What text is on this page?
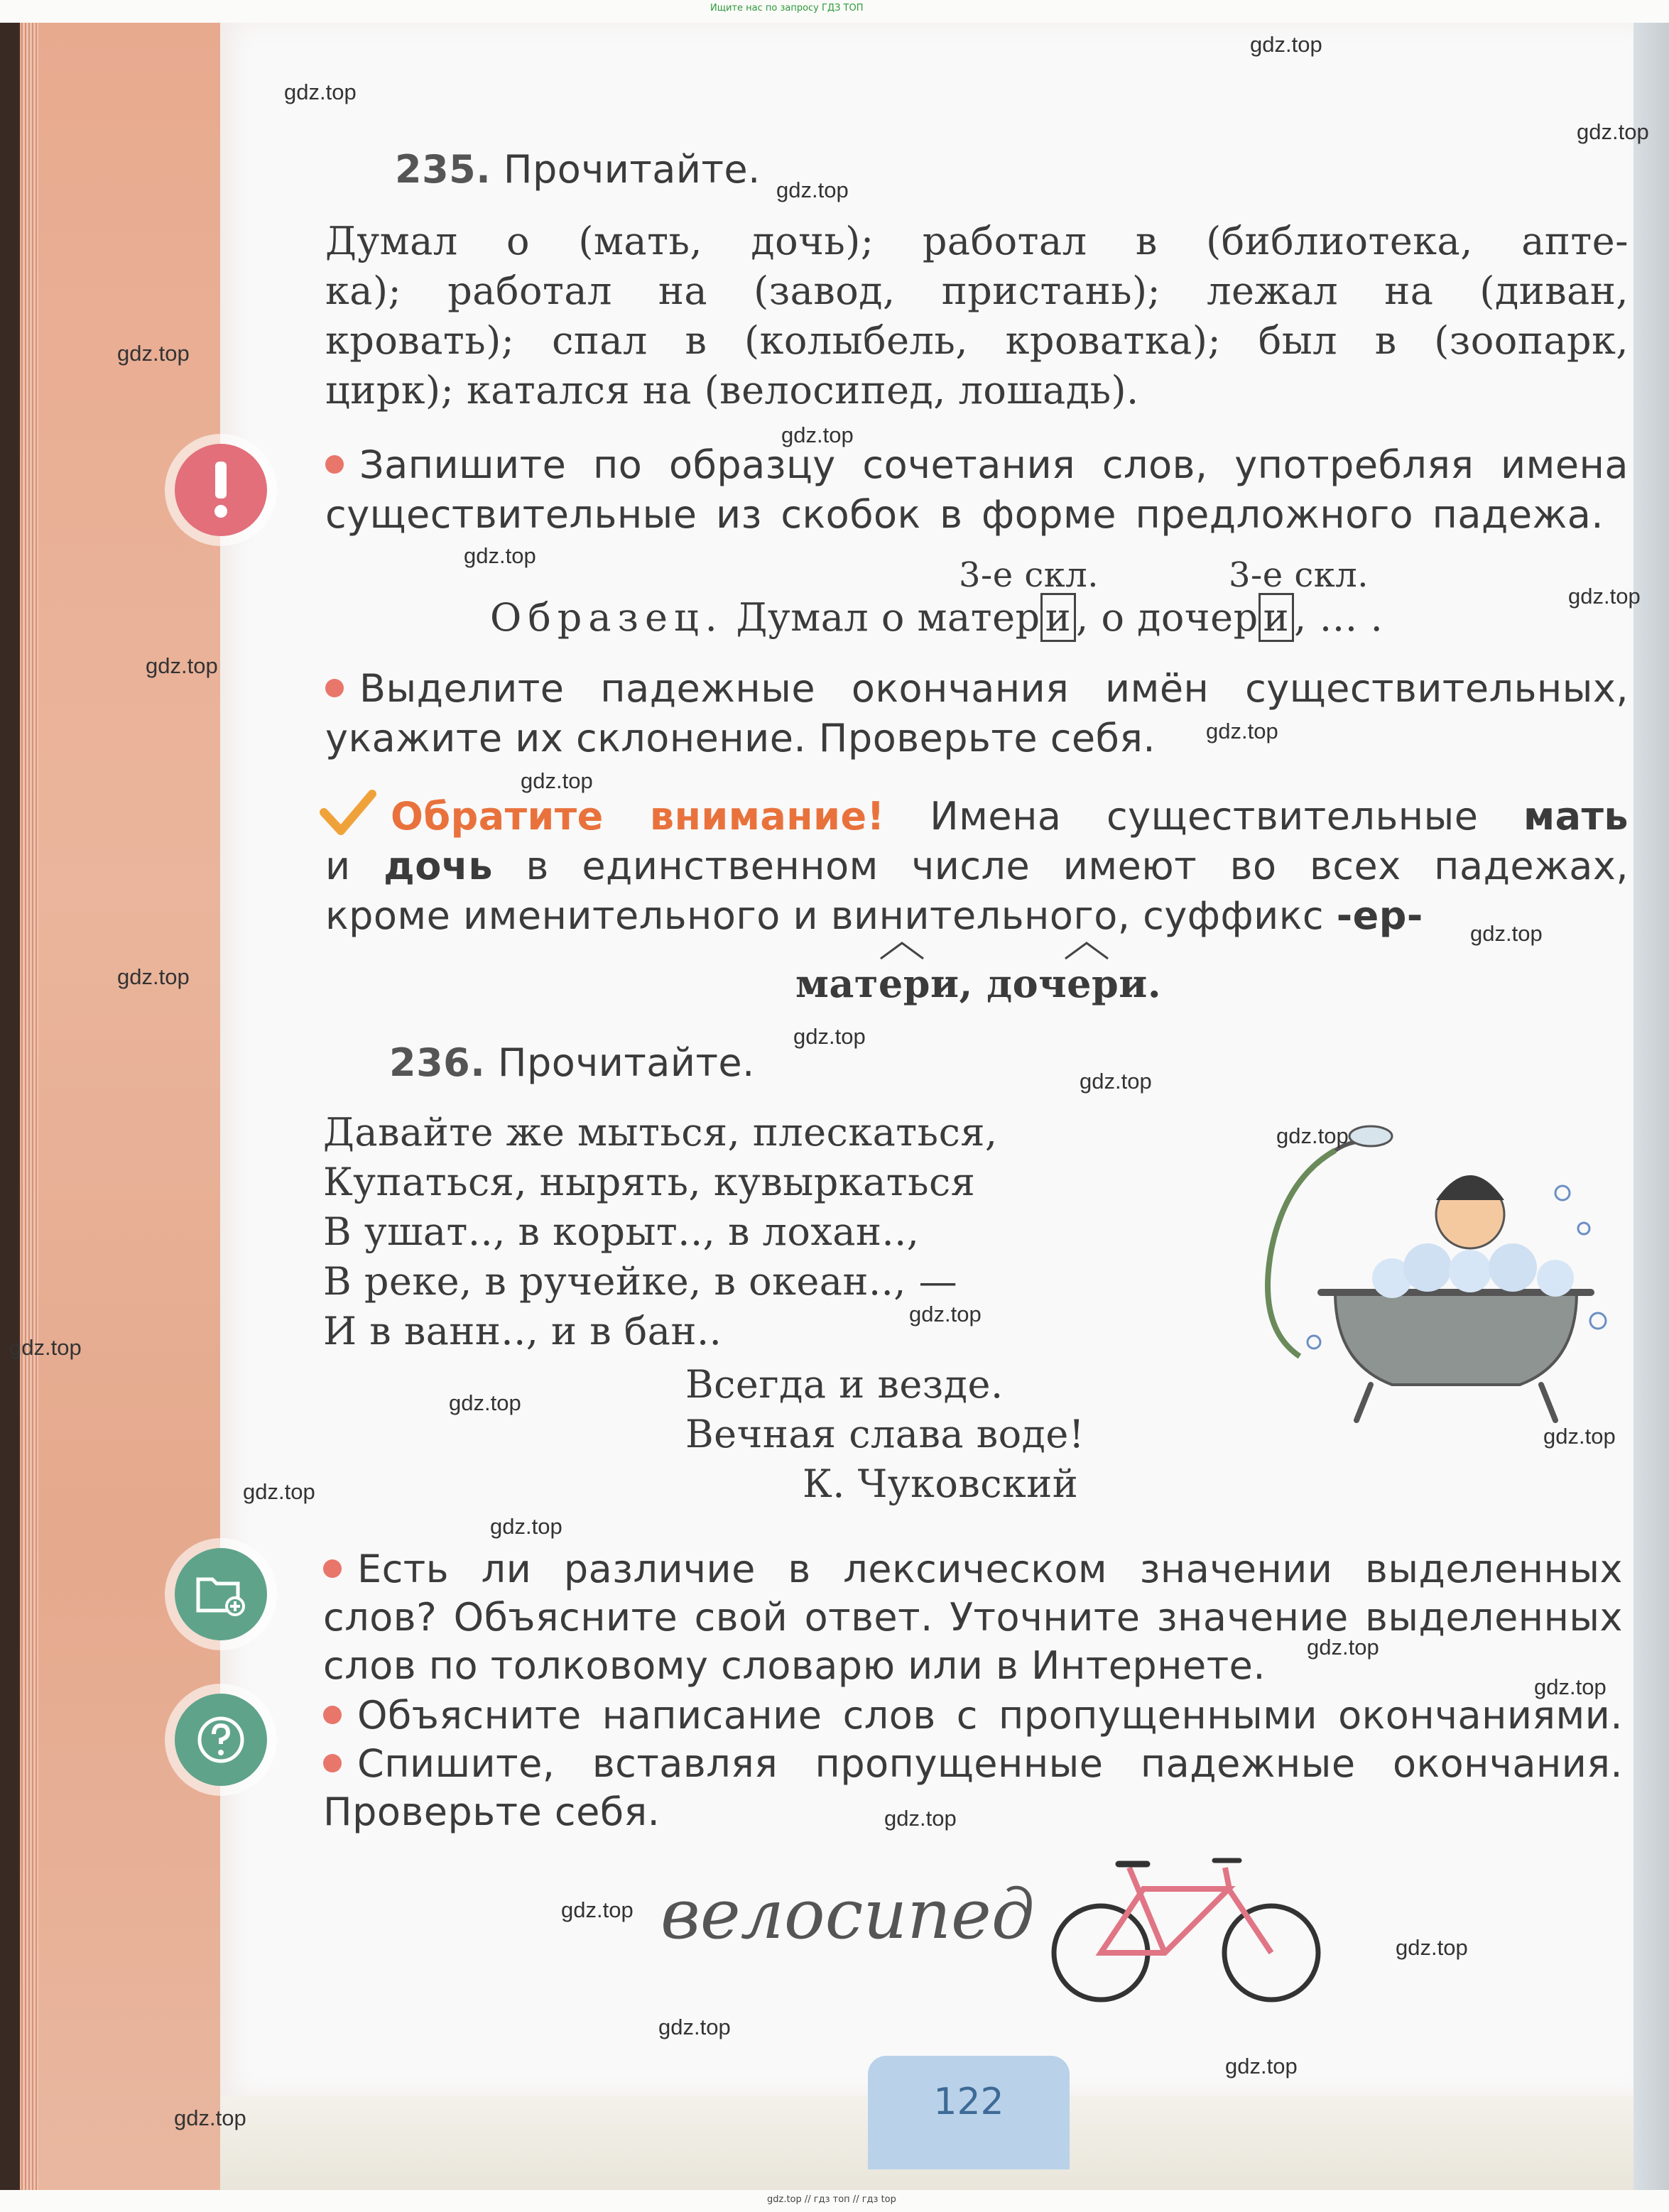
Ищите нас по запросу ГДЗ ТОП
gdz.top // гдз топ // гдз top
122
235. Прочитайте.
Думал о (мать, дочь); работал в (библиотека, апте-
ка); работал на (завод, пристань); лежал на (диван,
кровать); спал в (колыбель, кроватка); был в (зоопарк,
цирк); катался на (велосипед, лошадь).
Запишите по образцу сочетания слов, употребляя имена
существительные из скобок в форме предложного падежа.
3-е скл.	3-е скл.
Образец. Думал о матер и , о дочер и , … .
Выделите падежные окончания имён существительных,
укажите их склонение. Проверьте себя.
Обратите внимание! Имена существительные мать
и дочь в единственном числе имеют во всех падежах,
кроме именительного и винительного, суффикс -ер-
матери, дочери.
236. Прочитайте.
Давайте же мыться, плескаться,
Купаться, нырять, кувыркаться
В ушат.., в корыт.., в лохан..,
В реке, в ручейке, в океан.., —
И в ванн.., и в бан..
Всегда и везде.
Вечная слава воде!
К. Чуковский
Есть ли различие в лексическом значении выделенных
слов? Объясните свой ответ. Уточните значение выделенных
слов по толковому словарю или в Интернете.
Объясните написание слов с пропущенными окончаниями.
Спишите, вставляя пропущенные падежные окончания.
Проверьте себя.
велосипед
gdz.top
gdz.top
gdz.top
gdz.top
gdz.top
gdz.top
gdz.top
gdz.top
gdz.top
gdz.top
gdz.top
gdz.top
gdz.top
gdz.top
gdz.top
gdz.top
gdz.top
gdz.top
gdz.top
gdz.top
gdz.top
gdz.top
gdz.top
gdz.top
gdz.top
gdz.top
gdz.top
gdz.top
gdz.top
gdz.top
